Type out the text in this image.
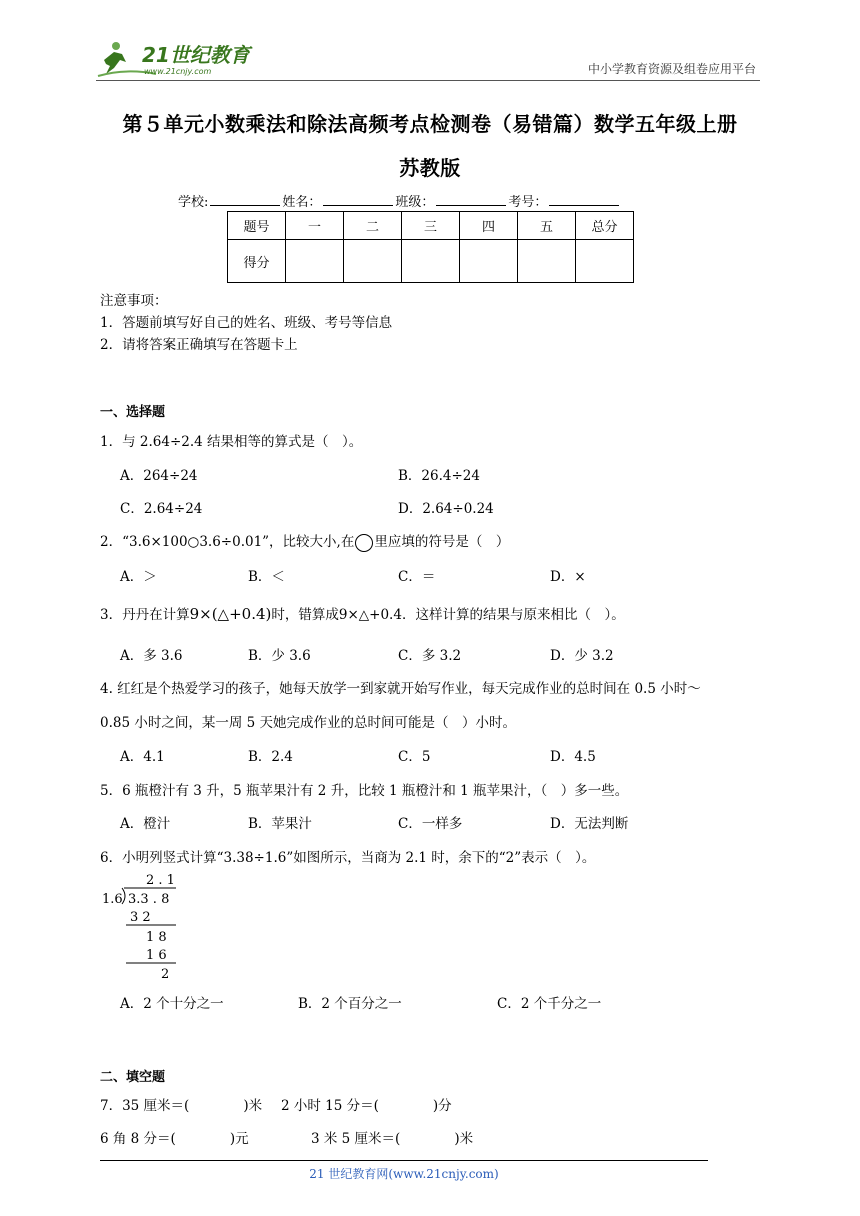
21世纪教育
www.21cnjy.com	中小学教育资源及组卷应用平台
第５单元小数乘法和除法高频考点检测卷（易错篇）数学五年级上册
苏教版
学校:	姓名：	班级：	考号：
题号	一	二	三	四	五	总分
得分						
注意事项：
1．答题前填写好自己的姓名、班级、考号等信息
2．请将答案正确填写在答题卡上
一、选择题
1．与 2.64÷2.4 结果相等的算式是（　）。
A．264÷24	B．26.4÷24
C．2.64÷24	D．2.64÷0.24
2．“3.6×100○3.6÷0.01”，比较大小,在 里应填的符号是（　）
A．＞	B．＜	C．＝	D．×
3．丹丹在计算9×(△+0.4)时，错算成9×△+0.4．这样计算的结果与原来相比（　）。
A．多 3.6	B．少 3.6	C．多 3.2	D．少 3.2
4. 红红是个热爱学习的孩子，她每天放学一到家就开始写作业，每天完成作业的总时间在 0.5 小时～
0.85 小时之间，某一周 5 天她完成作业的总时间可能是（　）小时。
A．4.1	B．2.4	C．5	D．4.5
5．6 瓶橙汁有 3 升，5 瓶苹果汁有 2 升，比较 1 瓶橙汁和 1 瓶苹果汁，（　）多一些。
A．橙汁	B．苹果汁	C．一样多	D．无法判断
6．小明列竖式计算“3.38÷1.6”如图所示，当商为 2.1 时，余下的“2”表示（　）。
2 . 1
1.6 3.3 . 8
3 2
1 8
1 6
2
A．2 个十分之一	B．2 个百分之一	C．2 个千分之一
二、填空题
7．35 厘米＝(　　　　)米 2 小时 15 分＝(　　　　)分
6 角 8 分＝(　　　　)元	3 米 5 厘米＝(　　　　)米
21 世纪教育网(www.21cnjy.com)
